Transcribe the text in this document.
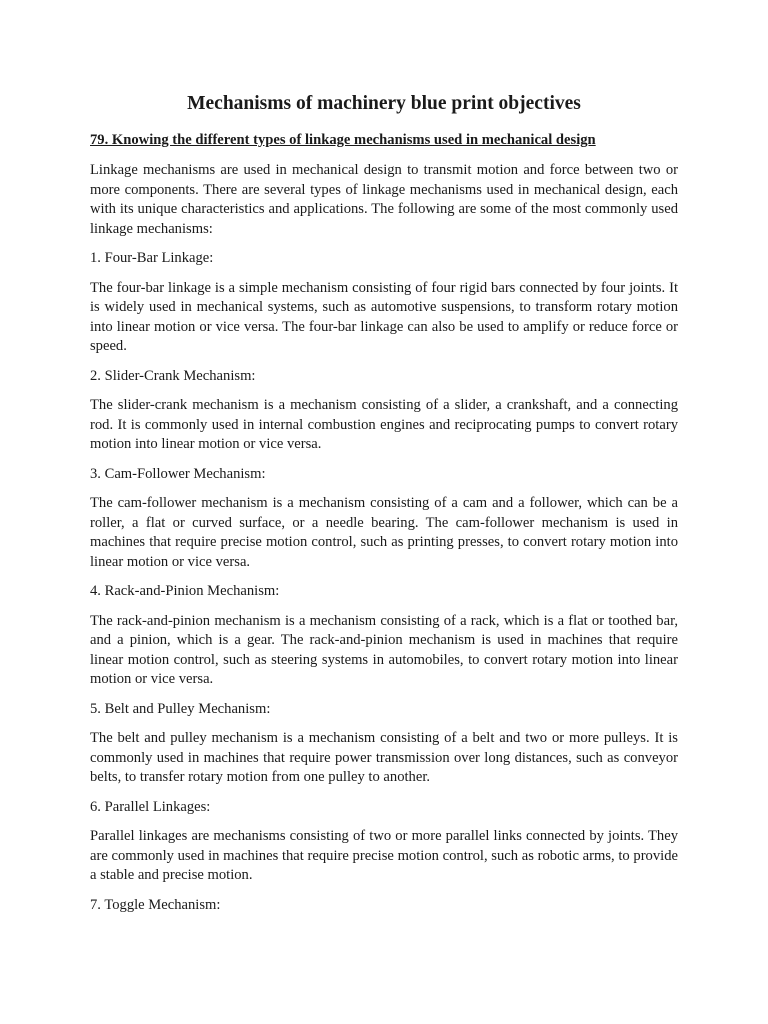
Mechanisms of machinery blue print objectives
79. Knowing the different types of linkage mechanisms used in mechanical design

Linkage mechanisms are used in mechanical design to transmit motion and force between two or more components. There are several types of linkage mechanisms used in mechanical design, each with its unique characteristics and applications. The following are some of the most commonly used linkage mechanisms:

1. Four-Bar Linkage:

The four-bar linkage is a simple mechanism consisting of four rigid bars connected by four joints. It is widely used in mechanical systems, such as automotive suspensions, to transform rotary motion into linear motion or vice versa. The four-bar linkage can also be used to amplify or reduce force or speed.

2. Slider-Crank Mechanism:

The slider-crank mechanism is a mechanism consisting of a slider, a crankshaft, and a connecting rod. It is commonly used in internal combustion engines and reciprocating pumps to convert rotary motion into linear motion or vice versa.

3. Cam-Follower Mechanism:

The cam-follower mechanism is a mechanism consisting of a cam and a follower, which can be a roller, a flat or curved surface, or a needle bearing. The cam-follower mechanism is used in machines that require precise motion control, such as printing presses, to convert rotary motion into linear motion or vice versa.

4. Rack-and-Pinion Mechanism:

The rack-and-pinion mechanism is a mechanism consisting of a rack, which is a flat or toothed bar, and a pinion, which is a gear. The rack-and-pinion mechanism is used in machines that require linear motion control, such as steering systems in automobiles, to convert rotary motion into linear motion or vice versa.

5. Belt and Pulley Mechanism:

The belt and pulley mechanism is a mechanism consisting of a belt and two or more pulleys. It is commonly used in machines that require power transmission over long distances, such as conveyor belts, to transfer rotary motion from one pulley to another.

6. Parallel Linkages:

Parallel linkages are mechanisms consisting of two or more parallel links connected by joints. They are commonly used in machines that require precise motion control, such as robotic arms, to provide a stable and precise motion.

7. Toggle Mechanism:
